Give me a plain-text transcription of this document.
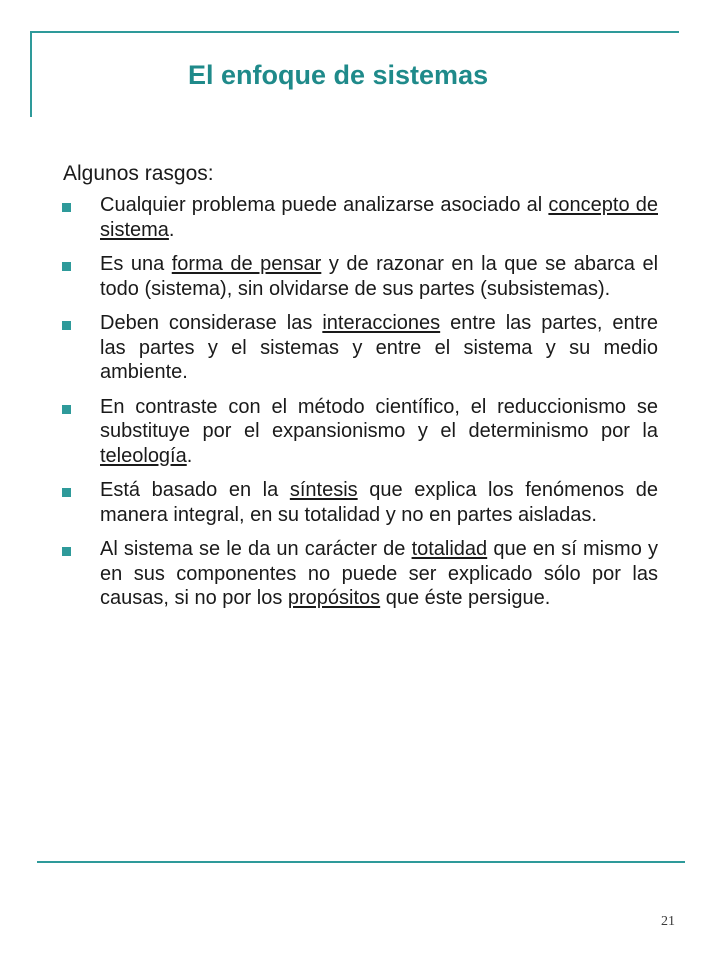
El enfoque de sistemas
Algunos rasgos:
Cualquier problema puede analizarse asociado al concepto de sistema.
Es una forma de pensar y de razonar en la que se abarca el todo (sistema), sin olvidarse de sus partes (subsistemas).
Deben considerase las interacciones entre las partes, entre las partes y el sistemas y entre el sistema y su medio ambiente.
En contraste con el método científico, el reduccionismo se substituye por el expansionismo y el determinismo por la teleología.
Está basado en la síntesis que explica los fenómenos de manera integral, en su totalidad y no en partes aisladas.
Al sistema se le da un carácter de totalidad que en sí mismo y en sus componentes no puede ser explicado sólo por las causas, si no por los propósitos que éste persigue.
21
